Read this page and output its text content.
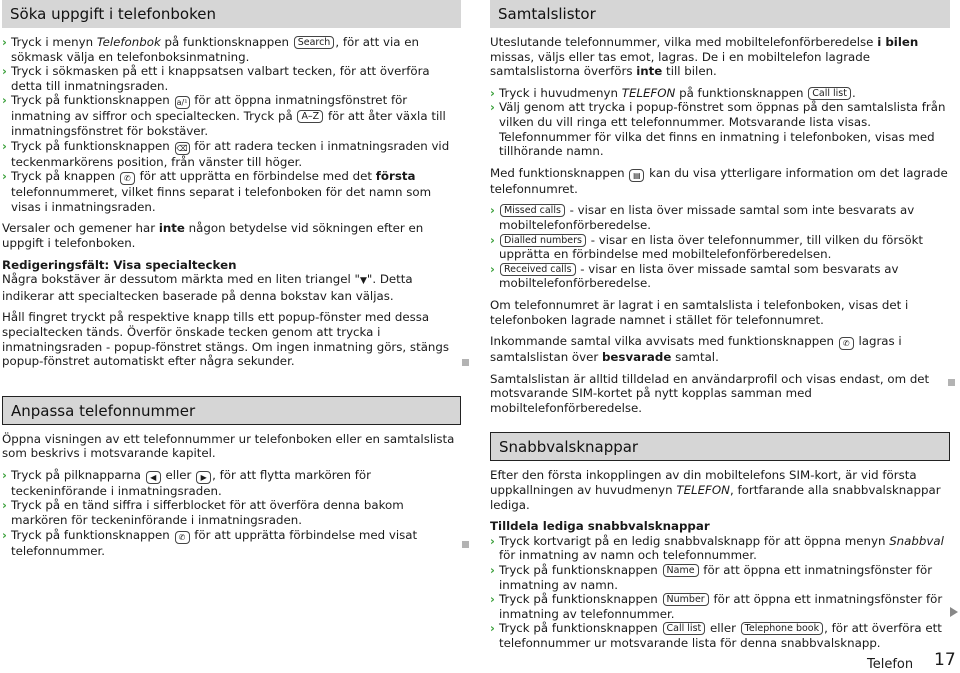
Söka uppgift i telefonboken
› Tryck i menyn Telefonbok på funktionsknappen Search , för att via en sökmask välja en telefonboksinmatning.
› Tryck i sökmasken på ett i knappsatsen valbart tecken, för att överföra detta till inmatningsraden.
› Tryck på funktionsknappen a/¹ för att öppna inmatningsfönstret för inmatning av siffror och specialtecken. Tryck på A–Z för att åter växla till inmatningsfönstret för bokstäver.
› Tryck på funktionsknappen ⌫ för att radera tecken i inmatningsraden vid teckenmarkörens position, från vänster till höger.
› Tryck på knappen ✆ för att upprätta en förbindelse med det första telefonnummeret, vilket finns separat i telefonboken för det namn som visas i inmatningsraden.

Versaler och gemener har inte någon betydelse vid sökningen efter en uppgift i telefonboken.

Redigeringsfält: Visa specialtecken

Några bokstäver är dessutom märkta med en liten triangel "▼". Detta indikerar att specialtecken baserade på denna bokstav kan väljas.

Håll fingret tryckt på respektive knapp tills ett popup-fönster med dessa specialtecken tänds. Överför önskade tecken genom att trycka i inmatningsraden - popup-fönstret stängs. Om ingen inmatning görs, stängs popup-fönstret automatiskt efter några sekunder.

Anpassa telefonnummer

Öppna visningen av ett telefonnummer ur telefonboken eller en samtalslista som beskrivs i motsvarande kapitel.

› Tryck på pilknapparna ◀ eller ▶ , för att flytta markören för teckeninförande i inmatningsraden.
› Tryck på en tänd siffra i sifferblocket för att överföra denna bakom markören för teckeninförande i inmatningsraden.
› Tryck på funktionsknappen ✆ för att upprätta förbindelse med visat telefonnummer.
Samtalslistor

Uteslutande telefonnummer, vilka med mobiltelefonförberedelse i bilen missas, väljs eller tas emot, lagras. De i en mobiltelefon lagrade samtalslistorna överförs inte till bilen.

› Tryck i huvudmenyn TELEFON på funktionsknappen Call list .
› Välj genom att trycka i popup-fönstret som öppnas på den samtalslista från vilken du vill ringa ett telefonnummer. Motsvarande lista visas. Telefonnummer för vilka det finns en inmatning i telefonboken, visas med tillhörande namn.

Med funktionsknappen ▤ kan du visa ytterligare information om det lagrade telefonnumret.

› Missed calls - visar en lista över missade samtal som inte besvarats av mobiltelefonförberedelse.
› Dialled numbers - visar en lista över telefonnummer, till vilken du försökt upprätta en förbindelse med mobiltelefonförberedelsen.
› Received calls - visar en lista över missade samtal som besvarats av mobiltelefonförberedelse.

Om telefonnumret är lagrat i en samtalslista i telefonboken, visas det i telefonboken lagrade namnet i stället för telefonnumret.

Inkommande samtal vilka avvisats med funktionsknappen ✆ lagras i samtalslistan över besvarade samtal.

Samtalslistan är alltid tilldelad en användarprofil och visas endast, om det motsvarande SIM-kortet på nytt kopplas samman med mobiltelefonförberedelse.

Snabbvalsknappar

Efter den första inkopplingen av din mobiltelefons SIM-kort, är vid första uppkallningen av huvudmenyn TELEFON, fortfarande alla snabbvalsknappar lediga.

Tilldela lediga snabbvalsknappar

› Tryck kortvarigt på en ledig snabbvalsknapp för att öppna menyn Snabbval för inmatning av namn och telefonnummer.
› Tryck på funktionsknappen Name för att öppna ett inmatningsfönster för inmatning av namn.
› Tryck på funktionsknappen Number för att öppna ett inmatningsfönster för inmatning av telefonnummer.
› Tryck på funktionsknappen Call list eller Telephone book , för att överföra ett telefonnummer ur motsvarande lista för denna snabbvalsknapp.
Telefon 17
